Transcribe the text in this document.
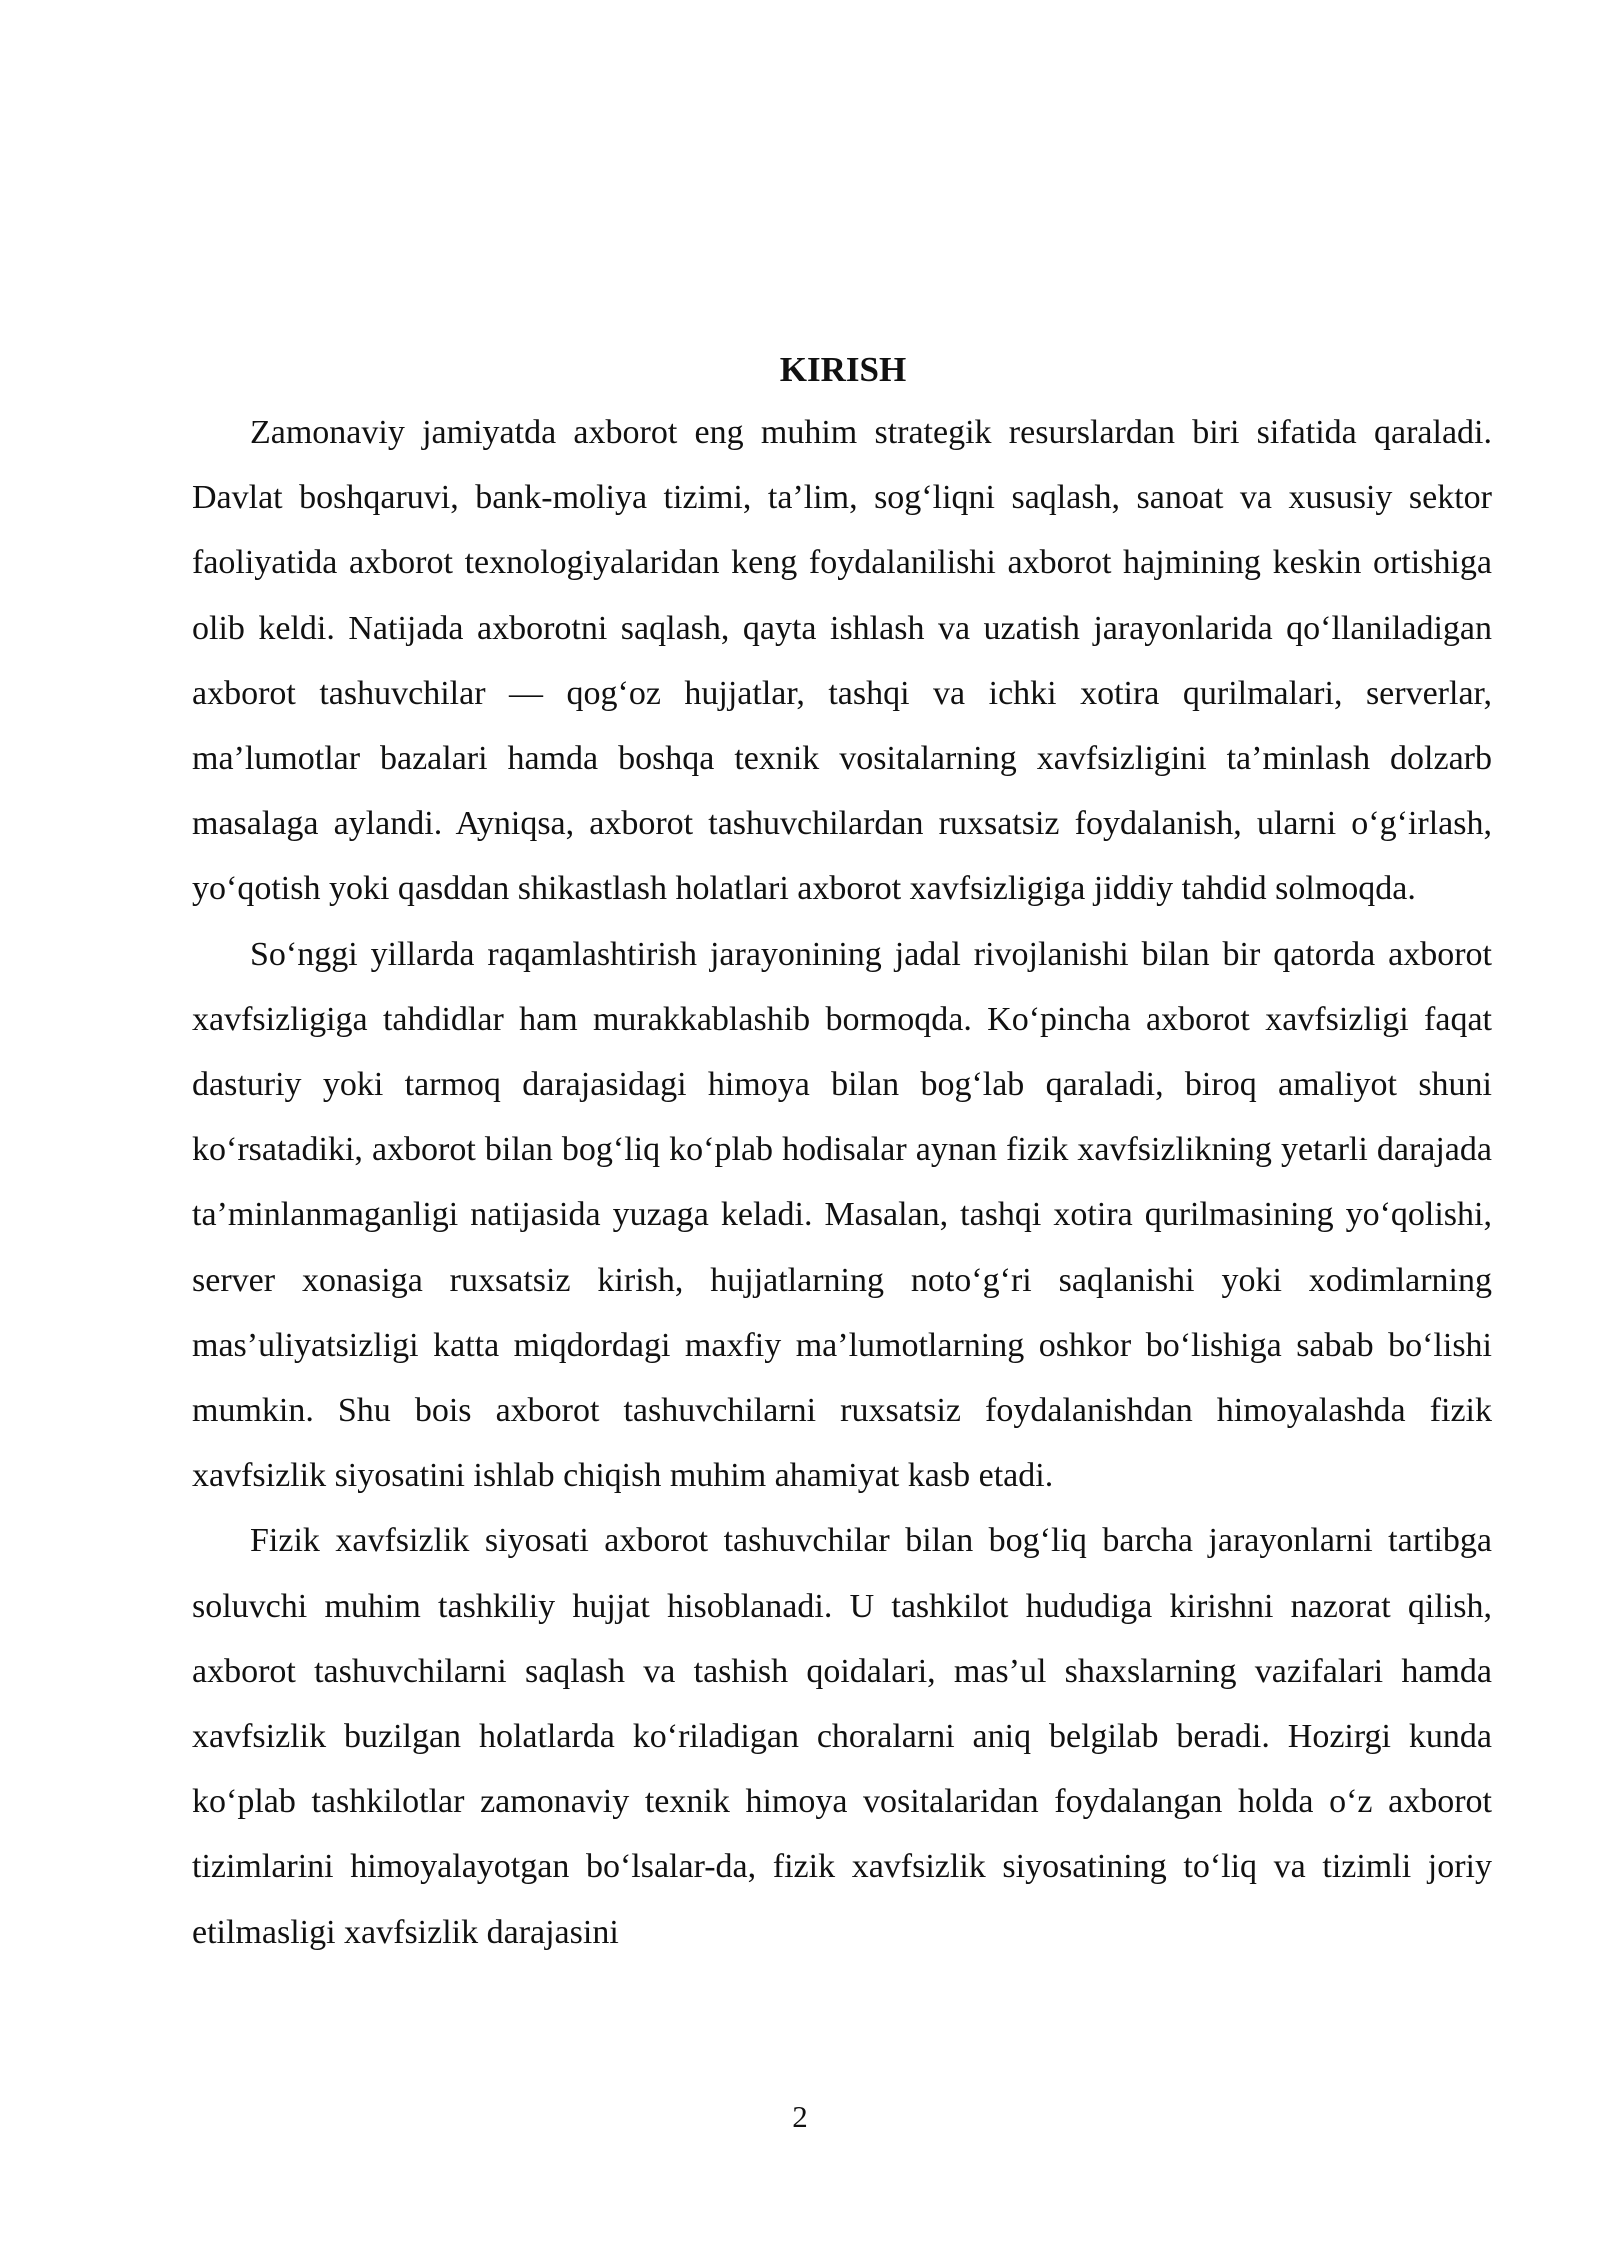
KIRISH

Zamonaviy jamiyatda axborot eng muhim strategik resurslardan biri sifatida qaraladi. Davlat boshqaruvi, bank-moliya tizimi, ta’lim, sog‘liqni saqlash, sanoat va xususiy sektor faoliyatida axborot texnologiyalaridan keng foydalanilishi axborot hajmining keskin ortishiga olib keldi. Natijada axborotni saqlash, qayta ishlash va uzatish jarayonlarida qo‘llaniladigan axborot tashuvchilar — qog‘oz hujjatlar, tashqi va ichki xotira qurilmalari, serverlar, ma’lumotlar bazalari hamda boshqa texnik vositalarning xavfsizligini ta’minlash dolzarb masalaga aylandi. Ayniqsa, axborot tashuvchilardan ruxsatsiz foydalanish, ularni o‘g‘irlash, yo‘qotish yoki qasddan shikastlash holatlari axborot xavfsizligiga jiddiy tahdid solmoqda.

So‘nggi yillarda raqamlashtirish jarayonining jadal rivojlanishi bilan bir qatorda axborot xavfsizligiga tahdidlar ham murakkablashib bormoqda. Ko‘pincha axborot xavfsizligi faqat dasturiy yoki tarmoq darajasidagi himoya bilan bog‘lab qaraladi, biroq amaliyot shuni ko‘rsatadiki, axborot bilan bog‘liq ko‘plab hodisalar aynan fizik xavfsizlikning yetarli darajada ta’minlanmaganligi natijasida yuzaga keladi. Masalan, tashqi xotira qurilmasining yo‘qolishi, server xonasiga ruxsatsiz kirish, hujjatlarning noto‘g‘ri saqlanishi yoki xodimlarning mas’uliyatsizligi katta miqdordagi maxfiy ma’lumotlarning oshkor bo‘lishiga sabab bo‘lishi mumkin. Shu bois axborot tashuvchilarni ruxsatsiz foydalanishdan himoyalashda fizik xavfsizlik siyosatini ishlab chiqish muhim ahamiyat kasb etadi.

Fizik xavfsizlik siyosati axborot tashuvchilar bilan bog‘liq barcha jarayonlarni tartibga soluvchi muhim tashkiliy hujjat hisoblanadi. U tashkilot hududiga kirishni nazorat qilish, axborot tashuvchilarni saqlash va tashish qoidalari, mas’ul shaxslarning vazifalari hamda xavfsizlik buzilgan holatlarda ko‘riladigan choralarni aniq belgilab beradi. Hozirgi kunda ko‘plab tashkilotlar zamonaviy texnik himoya vositalaridan foydalangan holda o‘z axborot tizimlarini himoyalayotgan bo‘lsalar-da, fizik xavfsizlik siyosatining to‘liq va tizimli joriy etilmasligi xavfsizlik darajasini

2
